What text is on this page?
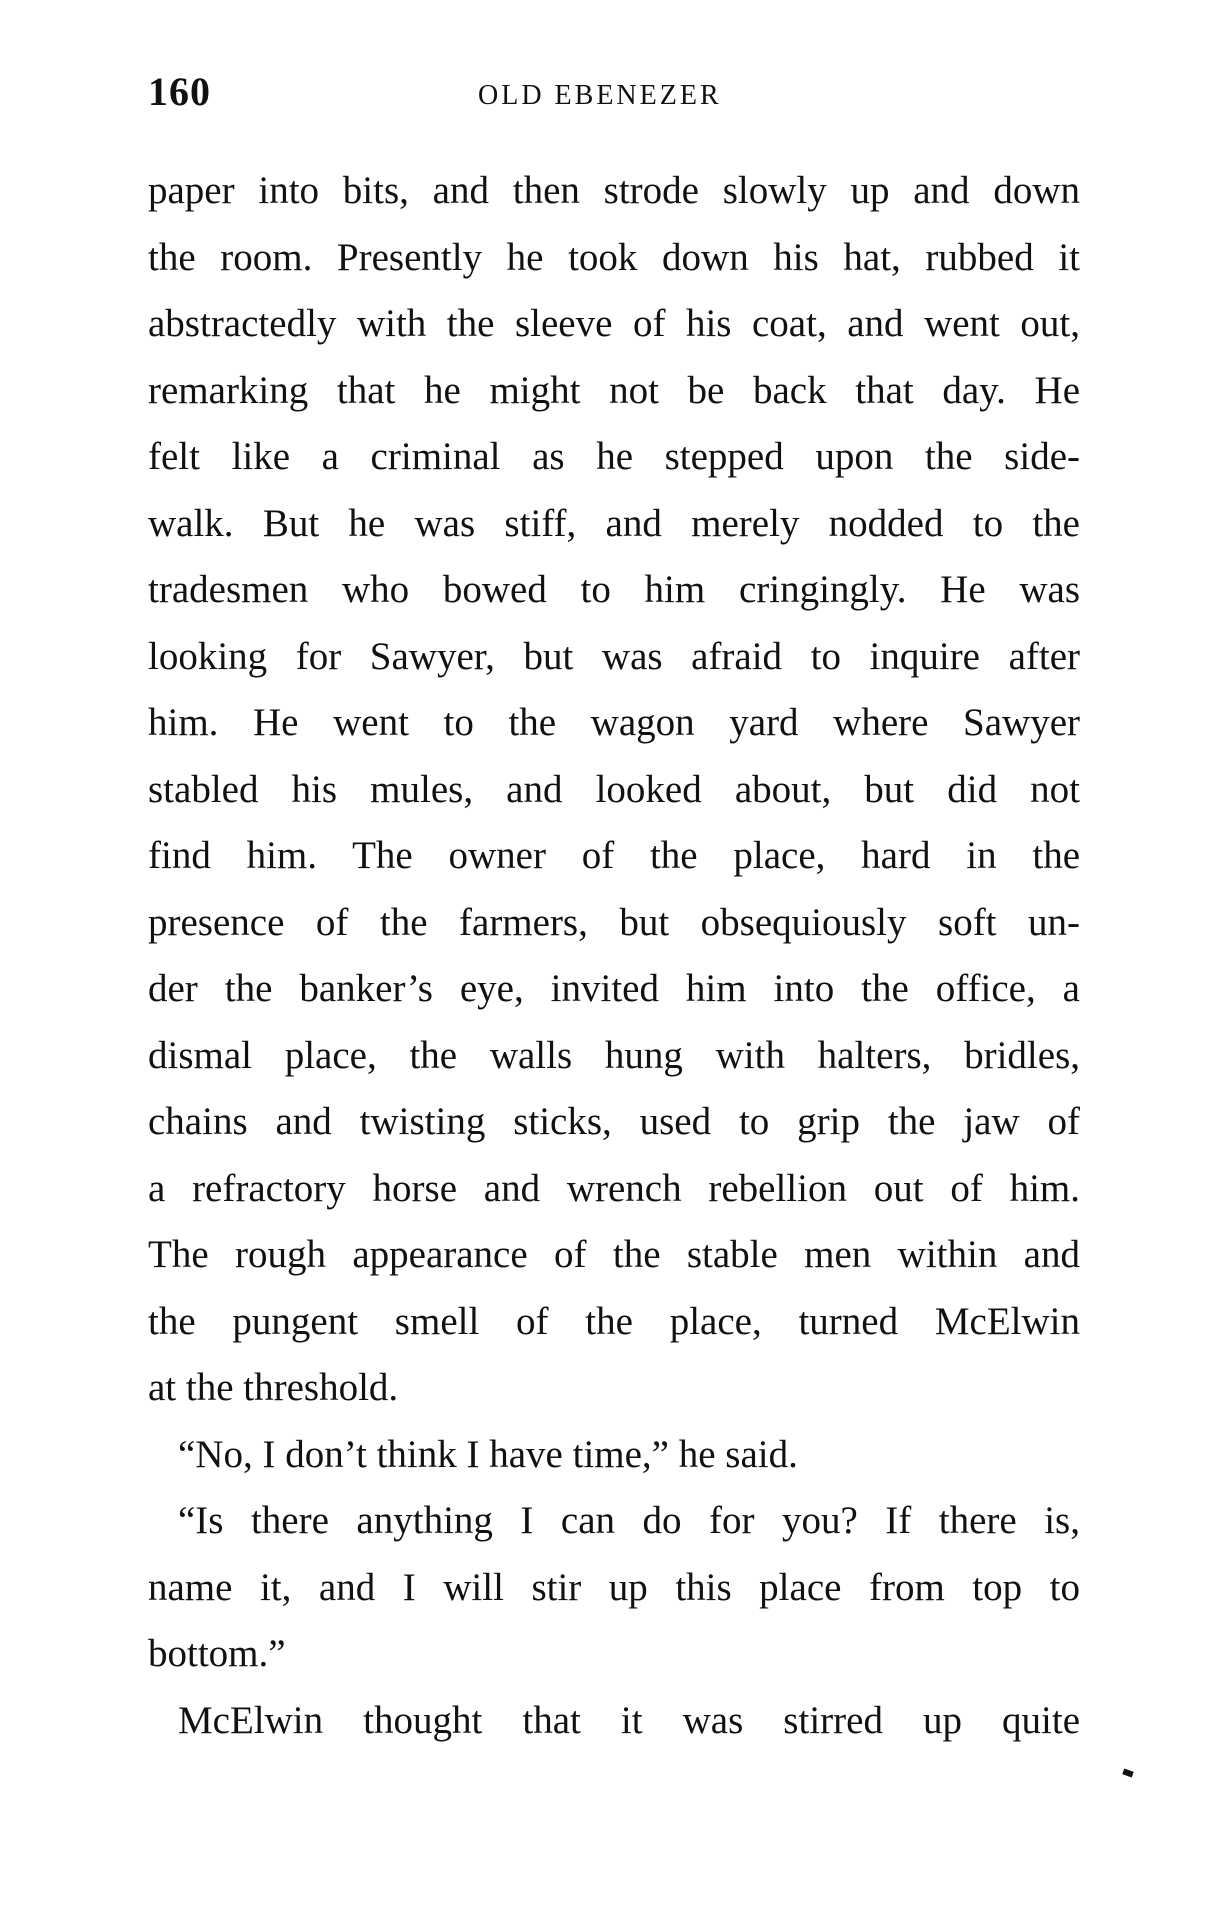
160	OLD EBENEZER
paper into bits, and then strode slowly up and down
the room. Presently he took down his hat, rubbed it
abstractedly with the sleeve of his coat, and went out,
remarking that he might not be back that day. He
felt like a criminal as he stepped upon the side-
walk. But he was stiff, and merely nodded to the
tradesmen who bowed to him cringingly. He was
looking for Sawyer, but was afraid to inquire after
him. He went to the wagon yard where Sawyer
stabled his mules, and looked about, but did not
find him. The owner of the place, hard in the
presence of the farmers, but obsequiously soft un-
der the banker’s eye, invited him into the office, a
dismal place, the walls hung with halters, bridles,
chains and twisting sticks, used to grip the jaw of
a refractory horse and wrench rebellion out of him.
The rough appearance of the stable men within and
the pungent smell of the place, turned McElwin
at the threshold.
“No, I don’t think I have time,” he said.
“Is there anything I can do for you? If there is,
name it, and I will stir up this place from top to
bottom.”
McElwin thought that it was stirred up quite
